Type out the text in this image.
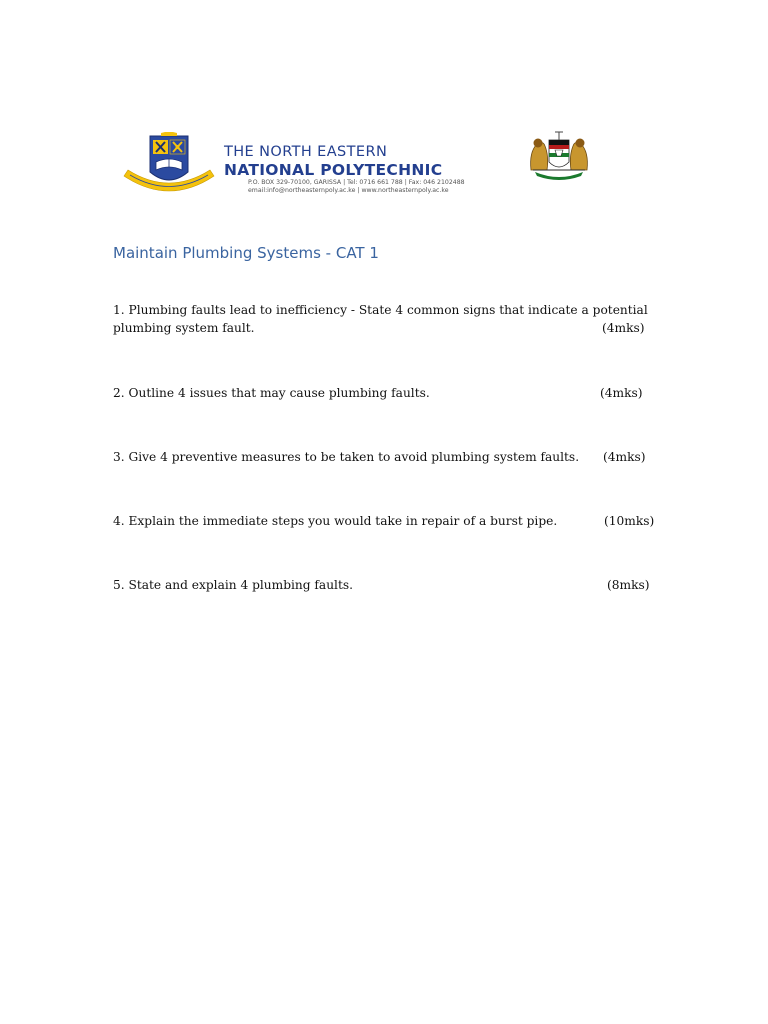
THE NORTH EASTERN
NATIONAL POLYTECHNIC
P.O. BOX 329-70100, GARISSA | Tel: 0716 661 788 | Fax: 046 2102488
email:info@northeasternpoly.ac.ke | www.northeasternpoly.ac.ke
Maintain Plumbing Systems - CAT 1
1. Plumbing faults lead to inefficiency - State 4 common signs that indicate a potential
plumbing system fault.	(4mks)
2. Outline 4 issues that may cause plumbing faults.	(4mks)
3. Give 4 preventive measures to be taken to avoid plumbing system faults. (4mks)
4. Explain the immediate steps you would take in repair of a burst pipe.	(10mks)
5. State and explain 4 plumbing faults.	(8mks)
